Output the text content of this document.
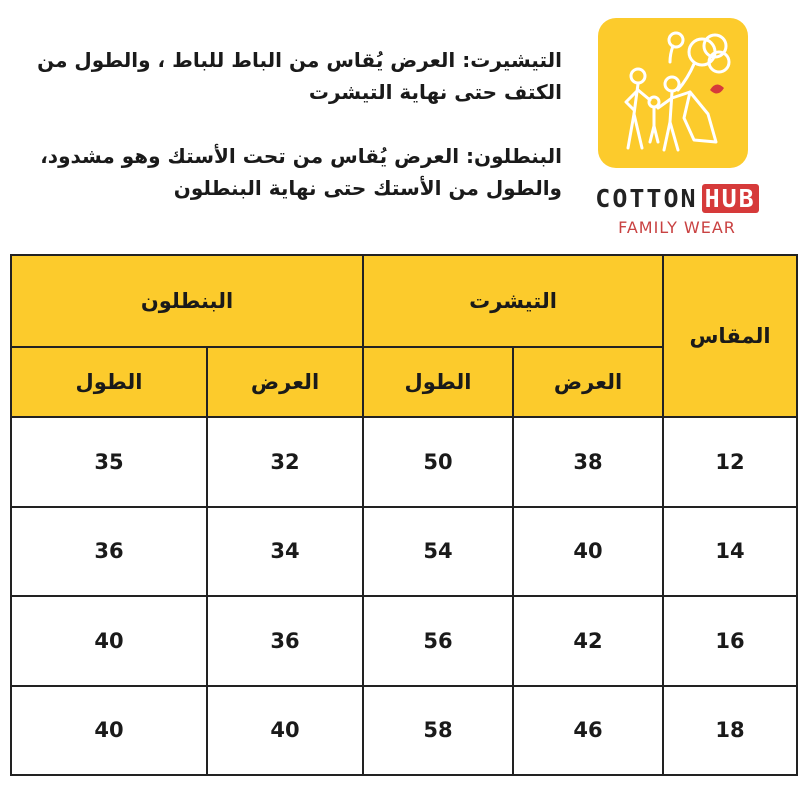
التيشيرت: العرض يُقاس من الباط للباط ، والطول من

الكتف حتى نهاية التيشرت

البنطلون: العرض يُقاس من تحت الأستك وهو مشدود،

والطول من الأستك حتى نهاية البنطلون	COTTON HUB
FAMILY WEAR
المقاس	التيشرت		البنطلون	
	العرض	الطول	العرض	الطول
12	38	50	32	35
14	40	54	34	36
16	42	56	36	40
18	46	58	40	40
